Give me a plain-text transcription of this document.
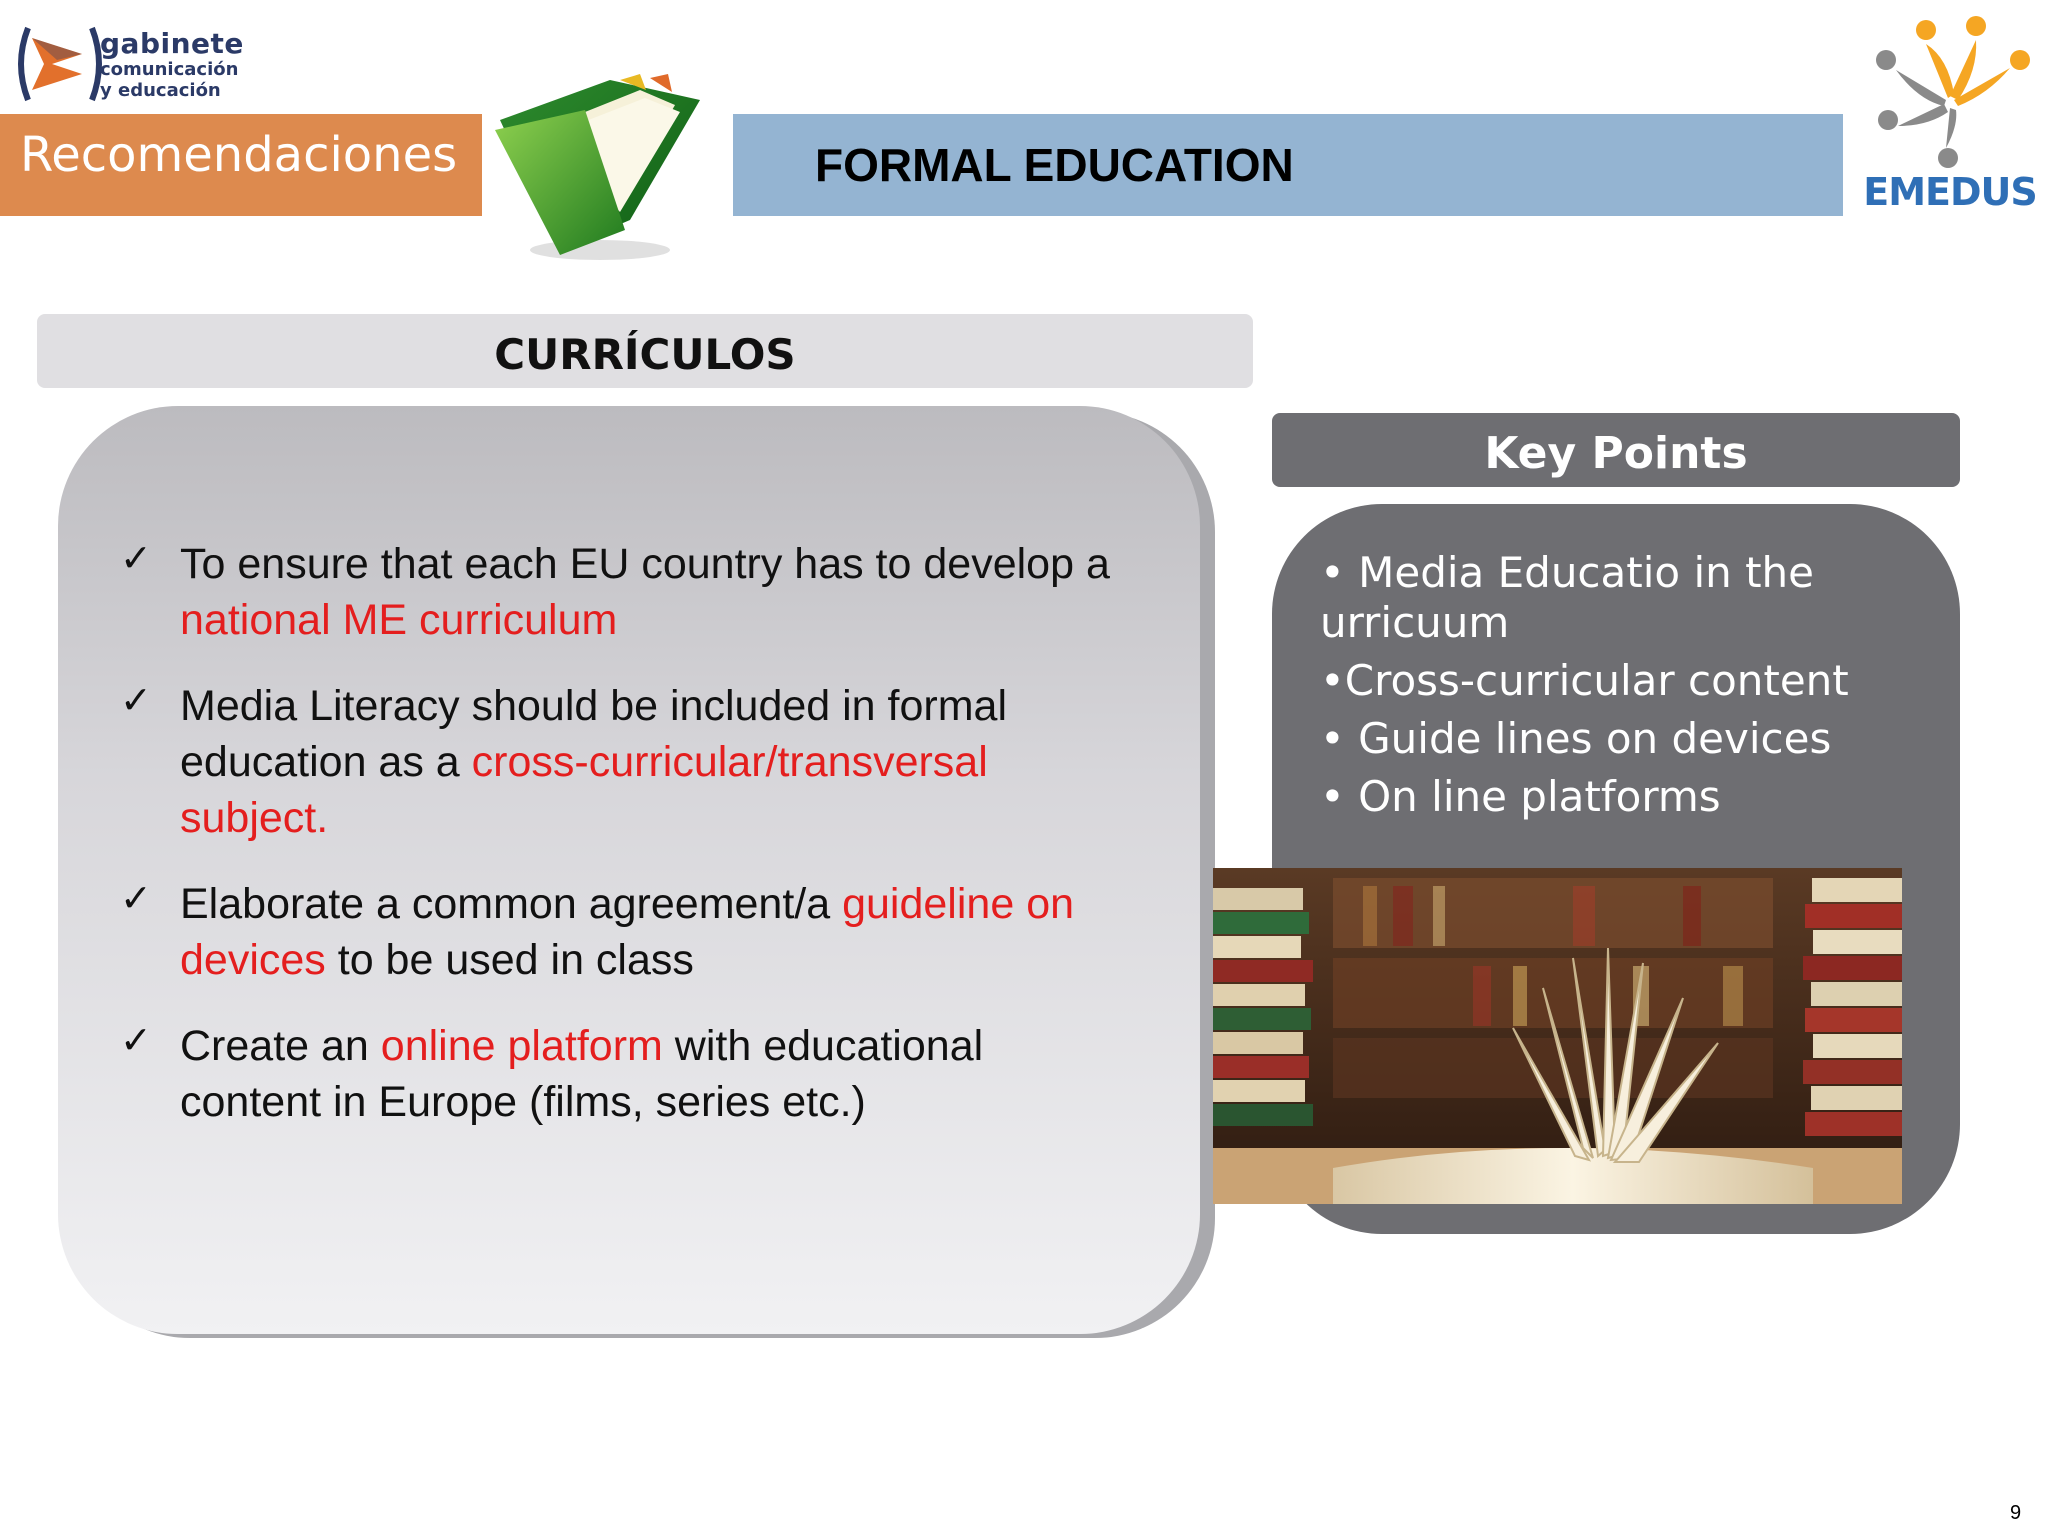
gabinete
comunicación
y educación
Recomendaciones	FORMAL EDUCATION
EMEDUS
CURRÍCULOS
✓ To ensure that each EU country has to develop a national ME curriculum
✓ Media Literacy should be included in formal education as a cross-curricular/transversal subject.
✓ Elaborate a common agreement/a guideline on devices to be used in class
✓ Create an online platform with educational content in Europe (films, series etc.)
Key Points
• Media Educatio in the urricuum
•Cross-curricular content
• Guide lines on devices
• On line platforms
9
